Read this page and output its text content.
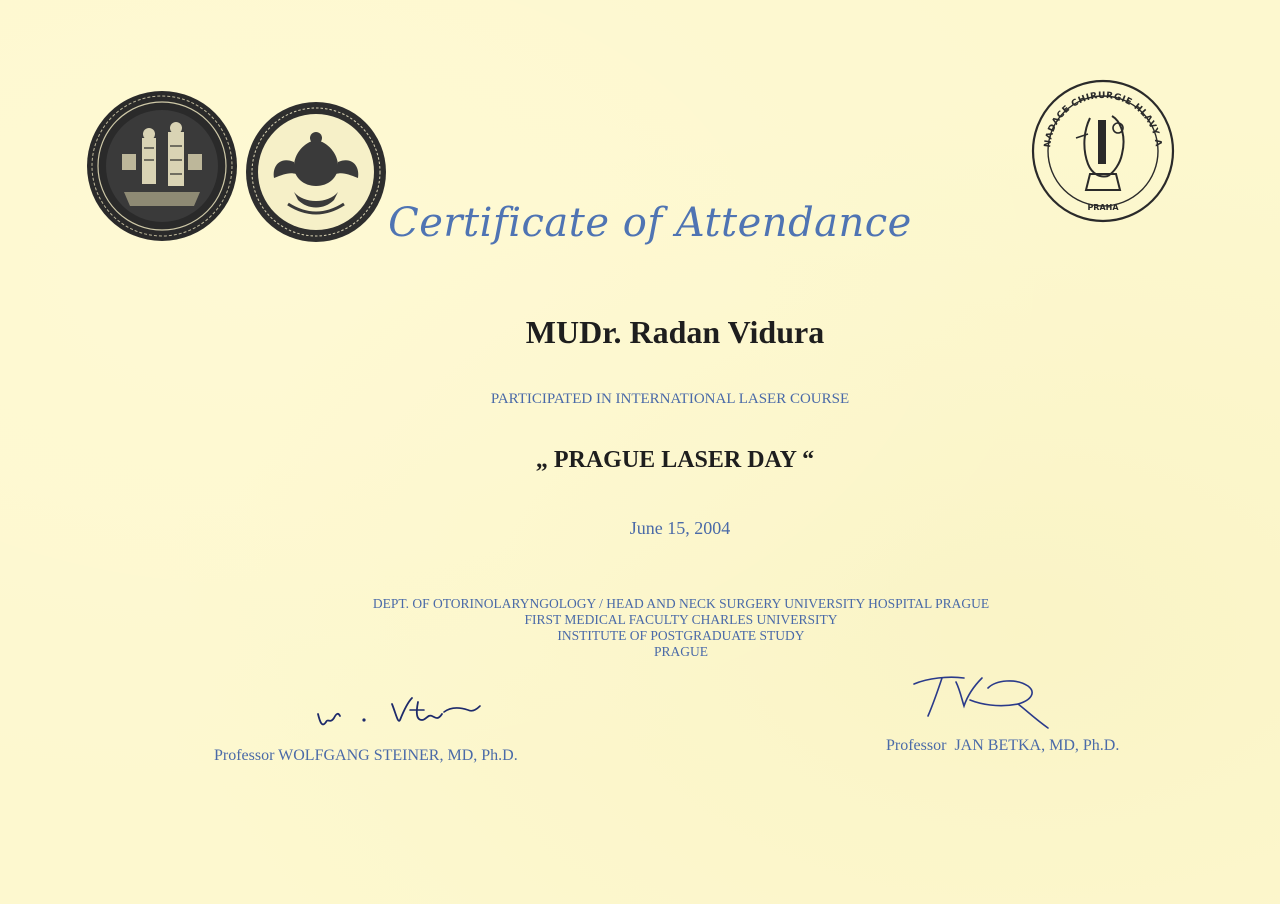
NADACE CHIRURGIE HLAVY A
PRAHA
Certificate of Attendance
MUDr. Radan Vidura
PARTICIPATED IN INTERNATIONAL LASER COURSE
„ PRAGUE LASER DAY “
June 15, 2004
DEPT. OF OTORINOLARYNGOLOGY / HEAD AND NECK SURGERY UNIVERSITY HOSPITAL PRAGUE
FIRST MEDICAL FACULTY CHARLES UNIVERSITY
INSTITUTE OF POSTGRADUATE STUDY
PRAGUE
Professor WOLFGANG STEINER, MD, Ph.D.
Professor  JAN BETKA, MD, Ph.D.
